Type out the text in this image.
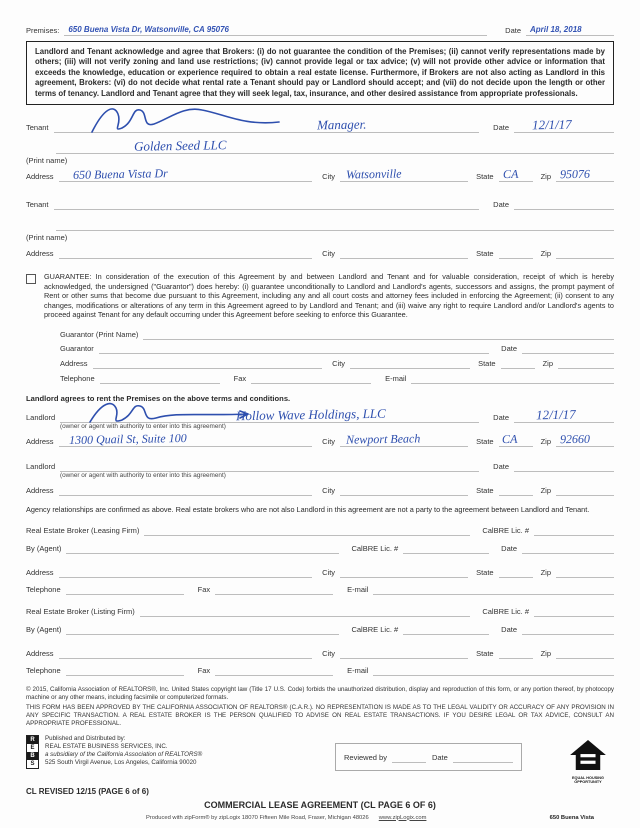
Premises:	650 Buena Vista Dr, Watsonville, CA 95076	Date	April 18, 2018

Landlord and Tenant acknowledge and agree that Brokers: (i) do not guarantee the condition of the Premises; (ii) cannot verify representations made by others; (iii) will not verify zoning and land use restrictions; (iv) cannot provide legal or tax advice; (v) will not provide other advice or information that exceeds the knowledge, education or experience required to obtain a real estate license. Furthermore, if Brokers are not also acting as Landlord in this agreement, Brokers: (vi) do not decide what rental rate a Tenant should pay or Landlord should accept; and (vii) do not decide upon the length or other terms of tenancy. Landlord and Tenant agree that they will seek legal, tax, insurance, and other desired assistance from appropriate professionals.

Tenant	Manager.	Date	12/1/17
Golden Seed LLC
(Print name)
Address	650 Buena Vista Dr	City Watsonville	State CA	Zip 95076
Tenant	Date
(Print name)
Address	City	State	Zip

GUARANTEE: In consideration of the execution of this Agreement by and between Landlord and Tenant and for valuable consideration, receipt of which is hereby acknowledged, the undersigned ("Guarantor") does hereby: (i) guarantee unconditionally to Landlord and Landlord's agents, successors and assigns, the prompt payment of Rent or other sums that become due pursuant to this Agreement, including any and all court costs and attorney fees included in enforcing the Agreement; (ii) consent to any changes, modifications or alterations of any term in this Agreement agreed to by Landlord and Tenant; and (iii) waive any right to require Landlord and/or Landlord's agents to proceed against Tenant for any default occurring under this Agreement before seeking to enforce this Guarantee.

Guarantor (Print Name)
Guarantor	Date
Address	City	State	Zip
Telephone	Fax	E-mail
Landlord agrees to rent the Premises on the above terms and conditions.
Landlord	Hollow Wave Holdings, LLC	Date	12/1/17
(owner or agent with authority to enter into this agreement)
Address	1300 Quail St, Suite 100	City Newport Beach	State CA	Zip 92660
Landlord	Date
(owner or agent with authority to enter into this agreement)
Address	City	State	Zip

Agency relationships are confirmed as above. Real estate brokers who are not also Landlord in this agreement are not a party to the agreement between Landlord and Tenant.

Real Estate Broker (Leasing Firm)	CalBRE Lic. #
By (Agent)	CalBRE Lic. #	Date
Address	City	State	Zip
Telephone	Fax	E-mail
Real Estate Broker (Listing Firm)	CalBRE Lic. #
By (Agent)	CalBRE Lic. #	Date
Address	City	State	Zip
Telephone	Fax	E-mail

© 2015, California Association of REALTORS®, Inc. United States copyright law (Title 17 U.S. Code) forbids the unauthorized distribution, display and reproduction of this form, or any portion thereof, by photocopy machine or any other means, including facsimile or computerized formats.

THIS FORM HAS BEEN APPROVED BY THE CALIFORNIA ASSOCIATION OF REALTORS® (C.A.R.). NO REPRESENTATION IS MADE AS TO THE LEGAL VALIDITY OR ACCURACY OF ANY PROVISION IN ANY SPECIFIC TRANSACTION. A REAL ESTATE BROKER IS THE PERSON QUALIFIED TO ADVISE ON REAL ESTATE TRANSACTIONS. IF YOU DESIRE LEGAL OR TAX ADVICE, CONSULT AN APPROPRIATE PROFESSIONAL.

R
E
B
S
Published and Distributed by:
REAL ESTATE BUSINESS SERVICES, INC.
a subsidiary of the California Association of REALTORS®
525 South Virgil Avenue, Los Angeles, California 90020
Reviewed by	Date
EQUAL HOUSING OPPORTUNITY
CL REVISED 12/15 (PAGE 6 of 6)
COMMERCIAL LEASE AGREEMENT (CL PAGE 6 OF 6)
Produced with zipForm® by zipLogix 18070 Fifteen Mile Road, Fraser, Michigan 48026 www.zipLogix.com	650 Buena Vista
